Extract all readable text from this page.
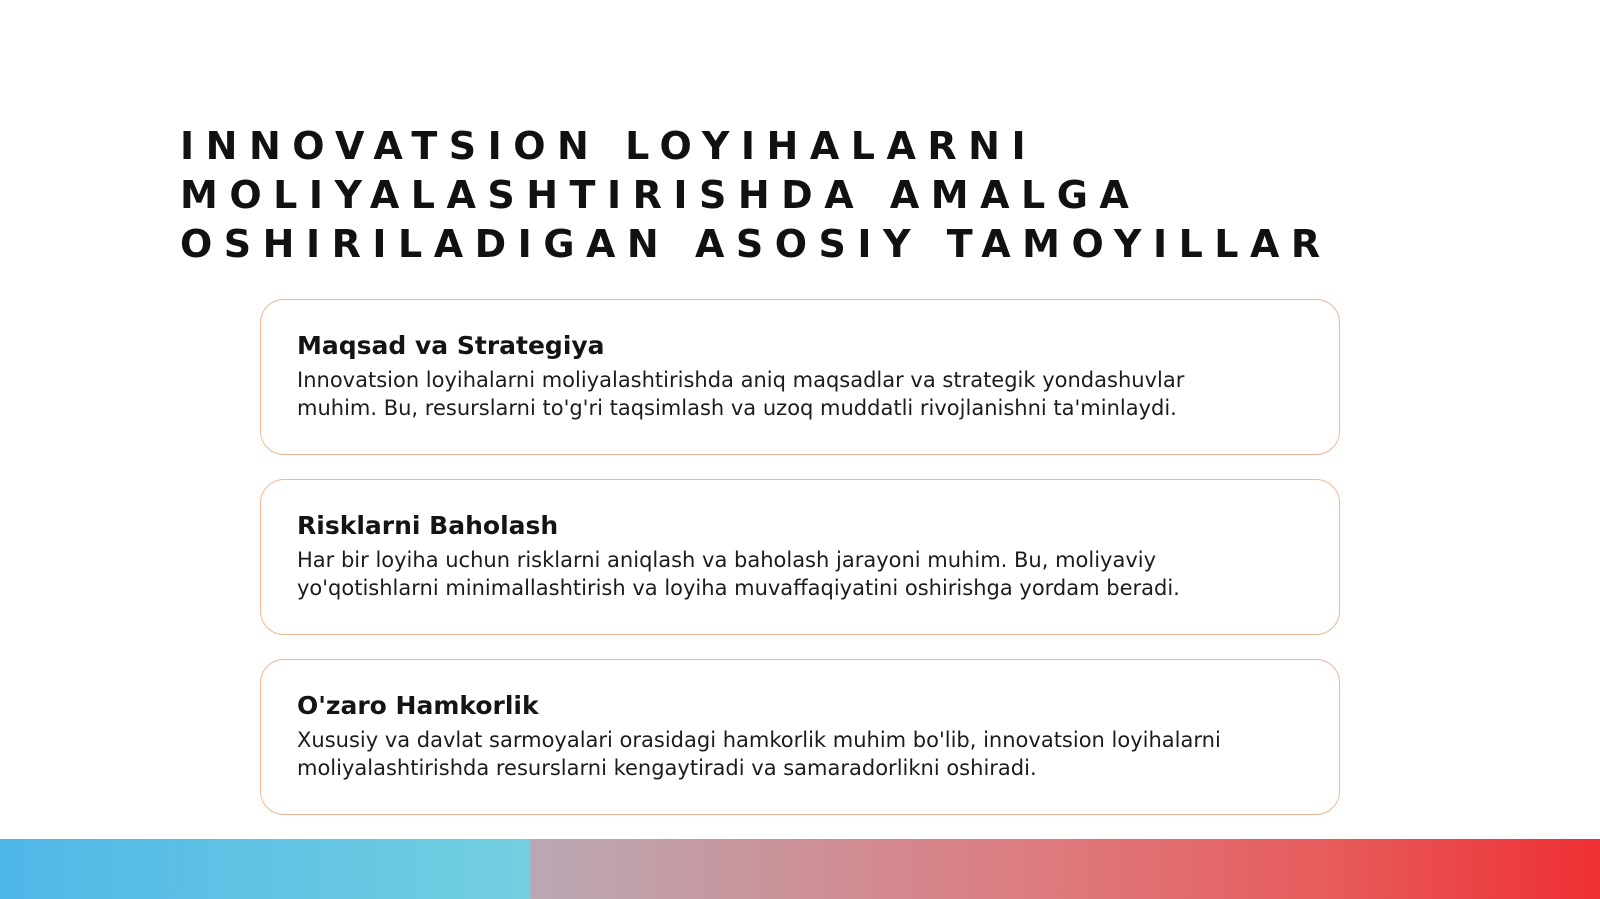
INNOVATSION LOYIHALARNI
MOLIYALASHTIRISHDA AMALGA
OSHIRILADIGAN ASOSIY TAMOYILLAR
Maqsad va Strategiya

Innovatsion loyihalarni moliyalashtirishda aniq maqsadlar va strategik yondashuvlar
muhim. Bu, resurslarni to'g'ri taqsimlash va uzoq muddatli rivojlanishni ta'minlaydi.

Risklarni Baholash

Har bir loyiha uchun risklarni aniqlash va baholash jarayoni muhim. Bu, moliyaviy
yo'qotishlarni minimallashtirish va loyiha muvaffaqiyatini oshirishga yordam beradi.

O'zaro Hamkorlik

Xususiy va davlat sarmoyalari orasidagi hamkorlik muhim bo'lib, innovatsion loyihalarni
moliyalashtirishda resurslarni kengaytiradi va samaradorlikni oshiradi.
